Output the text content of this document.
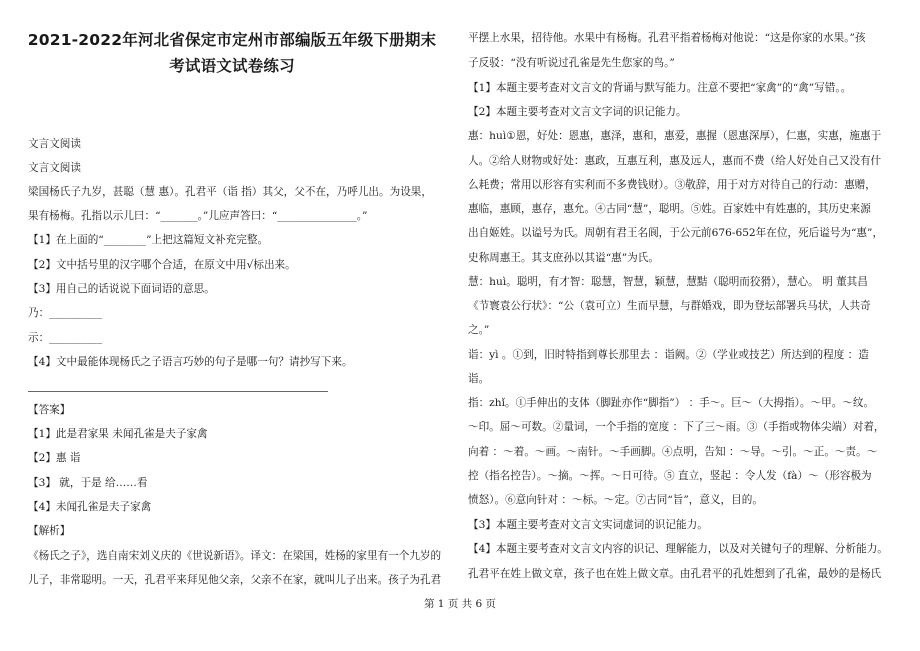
2021-2022年河北省保定市定州市部编版五年级下册期末
考试语文试卷练习
文言文阅读
文言文阅读
梁国杨氏子九岁，甚聪（慧 惠）。孔君平（诣 指）其父，父不在，乃呼儿出。为设果，
果有杨梅。孔指以示儿曰：“_______。”儿应声答曰：“_______________。”
【1】在上面的“________”上把这篇短文补充完整。
【2】文中括号里的汉字哪个合适，在原文中用√标出来。
【3】用自己的话说说下面词语的意思。
乃：__________
示：__________
【4】文中最能体现杨氏之子语言巧妙的句子是哪一句？请抄写下来。
【答案】
【1】此是君家果 未闻孔雀是夫子家禽
【2】惠 诣
【3】 就，于是 给……看
【4】未闻孔雀是夫子家禽
【解析】
《杨氏之子》，选自南宋刘义庆的《世说新语》。译文：在梁国，姓杨的家里有一个九岁的
儿子，非常聪明。一天，孔君平来拜见他父亲，父亲不在家，就叫儿子出来。孩子为孔君
平摆上水果，招待他。水果中有杨梅。孔君平指着杨梅对他说：“这是你家的水果。”孩
子反驳：“没有听说过孔雀是先生您家的鸟。”
【1】本题主要考查对文言文的背诵与默写能力。注意不要把“家禽”的“禽”写错。。
【2】本题主要考查对文言文字词的识记能力。
惠：huì①恩，好处：恩惠，惠泽，惠和，惠爱，惠握（恩惠深厚），仁惠，实惠，施惠于
人。②给人财物或好处：惠政，互惠互利，惠及远人，惠而不费（给人好处自己又没有什
么耗费；常用以形容有实利而不多费钱财）。③敬辞，用于对方对待自己的行动：惠赠，
惠临，惠顾，惠存，惠允。④古同“慧”，聪明。⑤姓。百家姓中有姓惠的，其历史来源
出自姬姓。以谥号为氏。周朝有君王名阆，于公元前676-652年在位，死后谥号为“惠”，
史称周惠王。其支庶孙以其谥“惠”为氏。
慧：huì。聪明，有才智：聪慧，智慧，颖慧，慧黠（聪明而狡猾），慧心。 明 董其昌
《节寰袁公行状》：“公（袁可立）生而早慧，与群婚戏，即为登坛部署兵马状，人共奇
之。”
诣：yì 。①到，旧时特指到尊长那里去 ：诣阙。②（学业或技艺）所达到的程度 ：造
诣。
指：zhǐ。①手伸出的支体（脚趾亦作“脚指”） ：手～。巨～（大拇指）。～甲。～纹。
～印。屈～可数。②量词，一个手指的宽度 ：下了三～雨。③（手指或物体尖端）对着，
向着 ：～着。～画。～南针。～手画脚。④点明，告知 ：～导。～引。～正。～责。～
控（指名控告）。～摘。～挥。～日可待。⑤ 直立，竖起 ：令人发（fà）～（形容极为
愤怒）。⑥意向针对 ：～标。～定。⑦古同“旨”，意义，目的。
【3】本题主要考查对文言文实词虚词的识记能力。
【4】本题主要考查对文言文内容的识记、理解能力，以及对关键句子的理解、分析能力。
孔君平在姓上做文章，孩子也在姓上做文章。由孔君平的孔姓想到了孔雀，最妙的是杨氏
第 1 页 共 6 页
